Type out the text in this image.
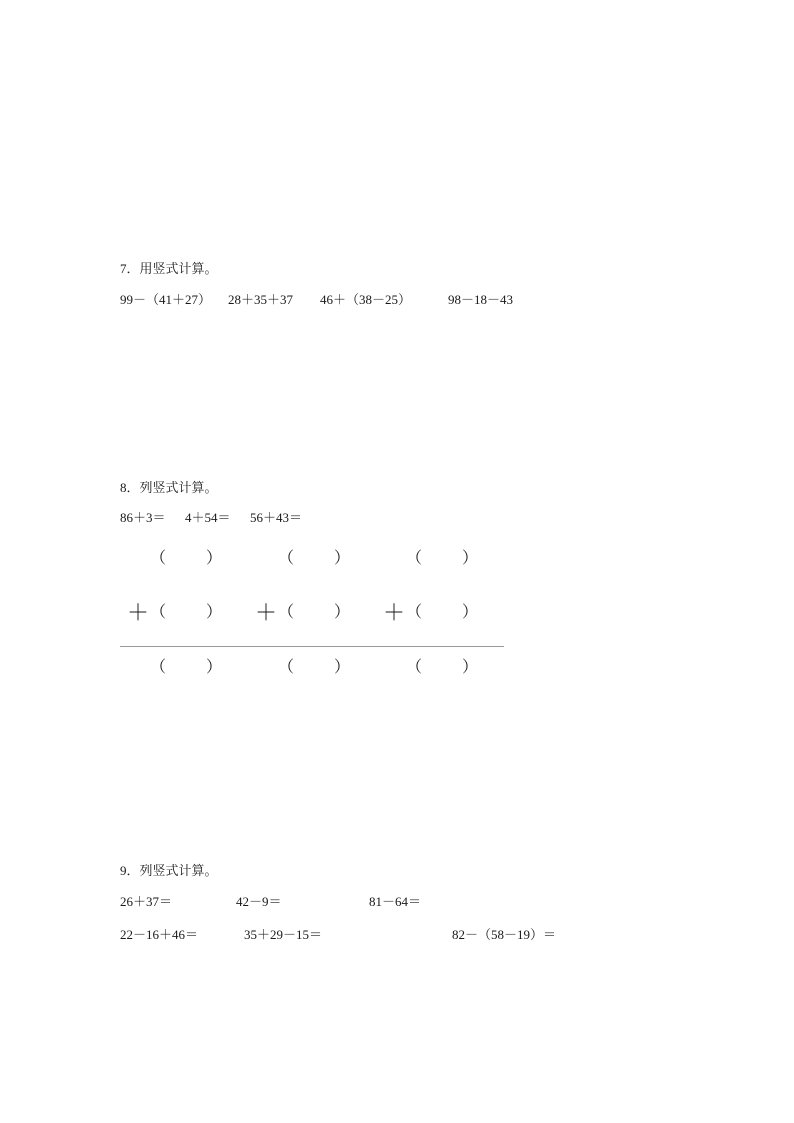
7．用竖式计算。
99－（41＋27） 28＋35＋37 46＋（38－25）	98－18－43
8．列竖式计算。
86＋3＝ 4＋54＝ 56＋43＝
（ ）	（ ）	（ ）
＋ （ ） ＋ （ ） ＋ （ ）
（ ）	（ ）	（ ）
9．列竖式计算。
26＋37＝	42－9＝	81－64＝
22－16＋46＝	35＋29－15＝	82－（58－19）＝
